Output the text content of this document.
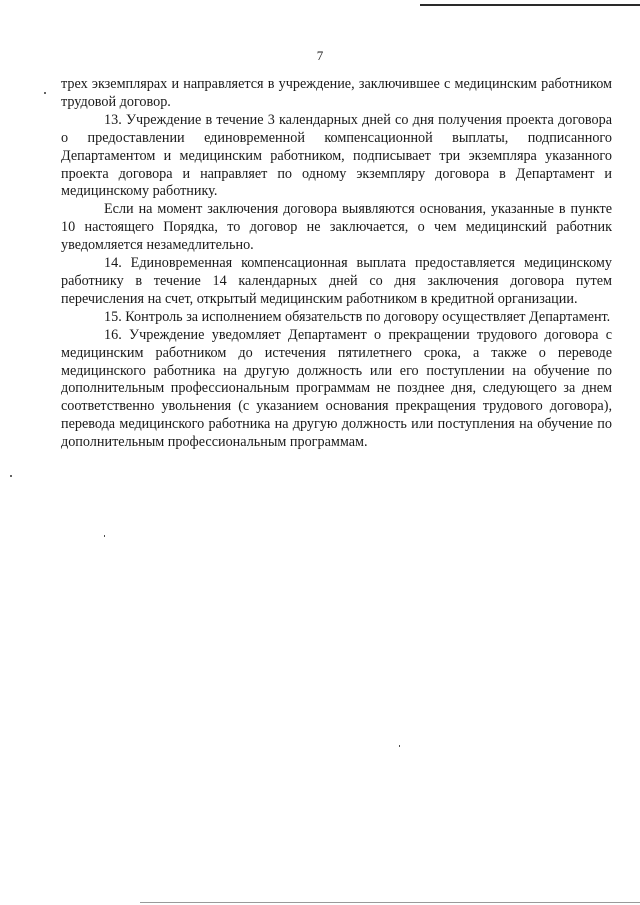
7

трех экземплярах и направляется в учреждение, заключившее с медицинским работником трудовой договор.

13. Учреждение в течение 3 календарных дней со дня получения проекта договора о предоставлении единовременной компенсационной выплаты, подписанного Департаментом и медицинским работником, подписывает три экземпляра указанного проекта договора и направляет по одному экземпляру договора в Департамент и медицинскому работнику.

Если на момент заключения договора выявляются основания, указанные в пункте 10 настоящего Порядка, то договор не заключается, о чем медицинский работник уведомляется незамедлительно.

14. Единовременная компенсационная выплата предоставляется медицинскому работнику в течение 14 календарных дней со дня заключения договора путем перечисления на счет, открытый медицинским работником в кредитной организации.

15. Контроль за исполнением обязательств по договору осуществляет Департамент.

16. Учреждение уведомляет Департамент о прекращении трудового договора с медицинским работником до истечения пятилетнего срока, а также о переводе медицинского работника на другую должность или его поступлении на обучение по дополнительным профессиональным программам не позднее дня, следующего за днем соответственно увольнения (с указанием основания прекращения трудового договора), перевода медицинского работника на другую должность или поступления на обучение по дополнительным профессиональным программам.
